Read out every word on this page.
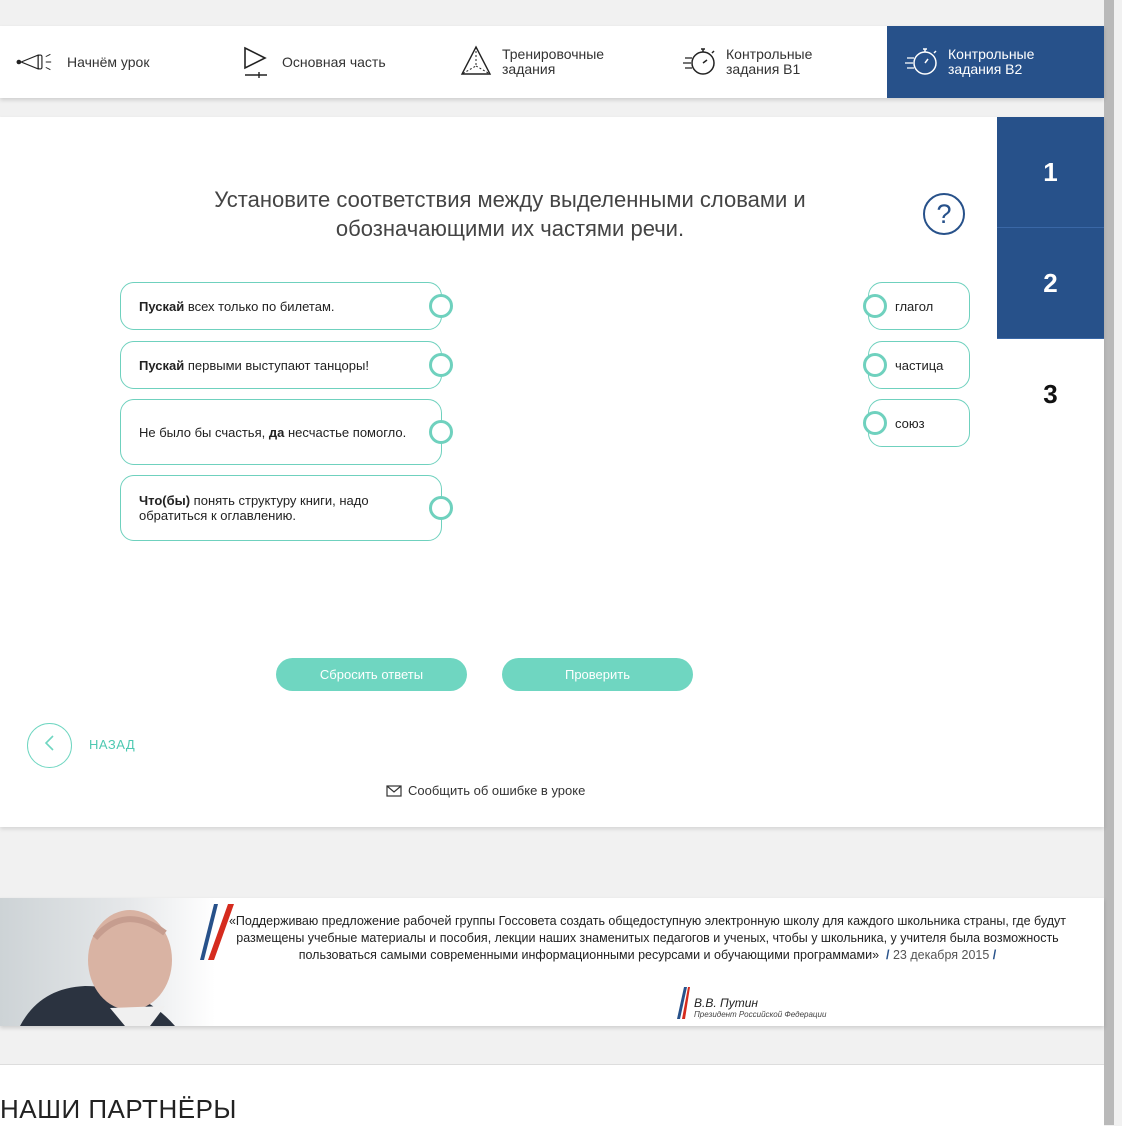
Начнём урок	Основная часть	Тренировочные задания
Контрольные задания В1
Контрольные задания В2
Установите соответствия между выделенными словами и обозначающими их частями речи.	?
1
2
3
Пускай всех только по билетам.
Пускай первыми выступают танцоры!
Не было бы счастья, да несчастье помогло.
Что(бы) понять структуру книги, надо обратиться к оглавлению.
глагол
частица
союз
Сбросить ответы	Проверить
НАЗАД
Сообщить об ошибке в уроке
«Поддерживаю предложение рабочей группы Госсовета создать общедоступную электронную школу для каждого школьника страны, где будут размещены учебные материалы и пособия, лекции наших знаменитых педагогов и ученых, чтобы у школьника, у учителя была возможность пользоваться самыми современными информационными ресурсами и обучающими программами»  / 23 декабря 2015 /
В.В. Путин
Президент Российской Федерации
НАШИ ПАРТНЁРЫ
